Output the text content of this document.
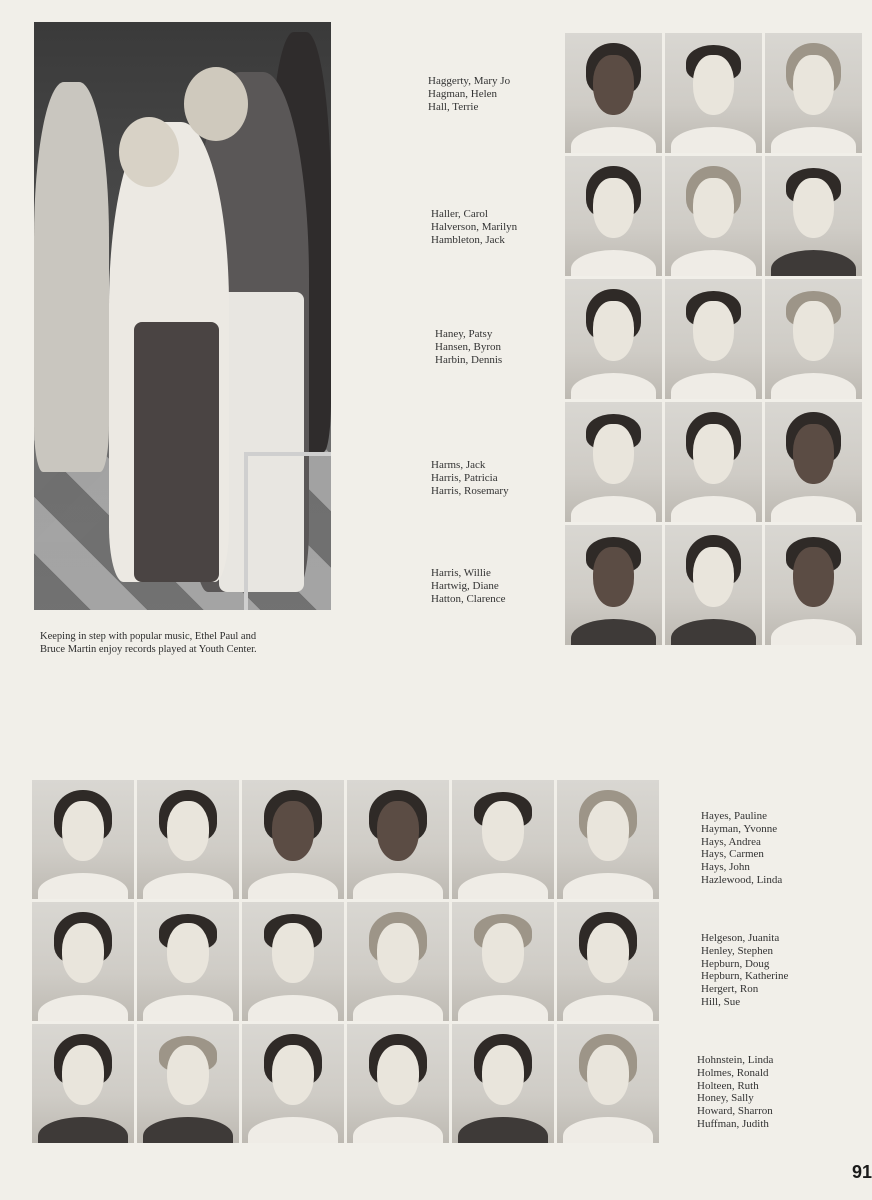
Keeping in step with popular music, Ethel Paul and
Bruce Martin enjoy records played at Youth Center.
Haggerty, Mary Jo
Hagman, Helen
Hall, Terrie
Haller, Carol
Halverson, Marilyn
Hambleton, Jack
Haney, Patsy
Hansen, Byron
Harbin, Dennis
Harms, Jack
Harris, Patricia
Harris, Rosemary
Harris, Willie
Hartwig, Diane
Hatton, Clarence
Hayes, Pauline
Hayman, Yvonne
Hays, Andrea
Hays, Carmen
Hays, John
Hazlewood, Linda
Helgeson, Juanita
Henley, Stephen
Hepburn, Doug
Hepburn, Katherine
Hergert, Ron
Hill, Sue
Hohnstein, Linda
Holmes, Ronald
Holteen, Ruth
Honey, Sally
Howard, Sharron
Huffman, Judith
91
